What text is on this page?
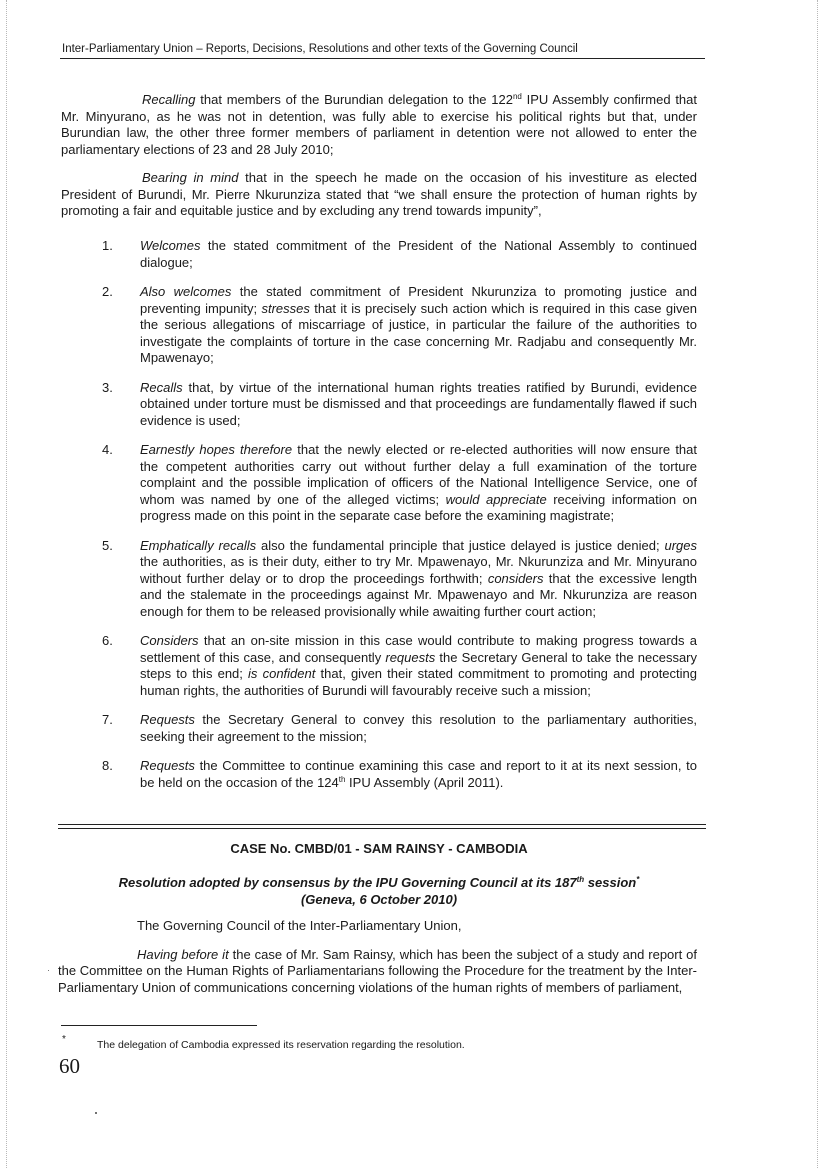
Inter-Parliamentary Union – Reports, Decisions, Resolutions and other texts of the Governing Council

Recalling that members of the Burundian delegation to the 122nd IPU Assembly confirmed that Mr. Minyurano, as he was not in detention, was fully able to exercise his political rights but that, under Burundian law, the other three former members of parliament in detention were not allowed to enter the parliamentary elections of 23 and 28 July 2010;

Bearing in mind that in the speech he made on the occasion of his investiture as elected President of Burundi, Mr. Pierre Nkurunziza stated that “we shall ensure the protection of human rights by promoting a fair and equitable justice and by excluding any trend towards impunity”,

1. Welcomes the stated commitment of the President of the National Assembly to continued dialogue;
2. Also welcomes the stated commitment of President Nkurunziza to promoting justice and preventing impunity; stresses that it is precisely such action which is required in this case given the serious allegations of miscarriage of justice, in particular the failure of the authorities to investigate the complaints of torture in the case concerning Mr. Radjabu and consequently Mr. Mpawenayo;
3. Recalls that, by virtue of the international human rights treaties ratified by Burundi, evidence obtained under torture must be dismissed and that proceedings are fundamentally flawed if such evidence is used;
4. Earnestly hopes therefore that the newly elected or re-elected authorities will now ensure that the competent authorities carry out without further delay a full examination of the torture complaint and the possible implication of officers of the National Intelligence Service, one of whom was named by one of the alleged victims; would appreciate receiving information on progress made on this point in the separate case before the examining magistrate;
5. Emphatically recalls also the fundamental principle that justice delayed is justice denied; urges the authorities, as is their duty, either to try Mr. Mpawenayo, Mr. Nkurunziza and Mr. Minyurano without further delay or to drop the proceedings forthwith; considers that the excessive length and the stalemate in the proceedings against Mr. Mpawenayo and Mr. Nkurunziza are reason enough for them to be released provisionally while awaiting further court action;
6. Considers that an on-site mission in this case would contribute to making progress towards a settlement of this case, and consequently requests the Secretary General to take the necessary steps to this end; is confident that, given their stated commitment to promoting and protecting human rights, the authorities of Burundi will favourably receive such a mission;
7. Requests the Secretary General to convey this resolution to the parliamentary authorities, seeking their agreement to the mission;
8. Requests the Committee to continue examining this case and report to it at its next session, to be held on the occasion of the 124th IPU Assembly (April 2011).
CASE No. CMBD/01 - SAM RAINSY - CAMBODIA
Resolution adopted by consensus by the IPU Governing Council at its 187th session*
(Geneva, 6 October 2010)

The Governing Council of the Inter-Parliamentary Union,

Having before it the case of Mr. Sam Rainsy, which has been the subject of a study and report of the Committee on the Human Rights of Parliamentarians following the Procedure for the treatment by the Inter-Parliamentary Union of communications concerning violations of the human rights of members of parliament,

*	The delegation of Cambodia expressed its reservation regarding the resolution.
60
